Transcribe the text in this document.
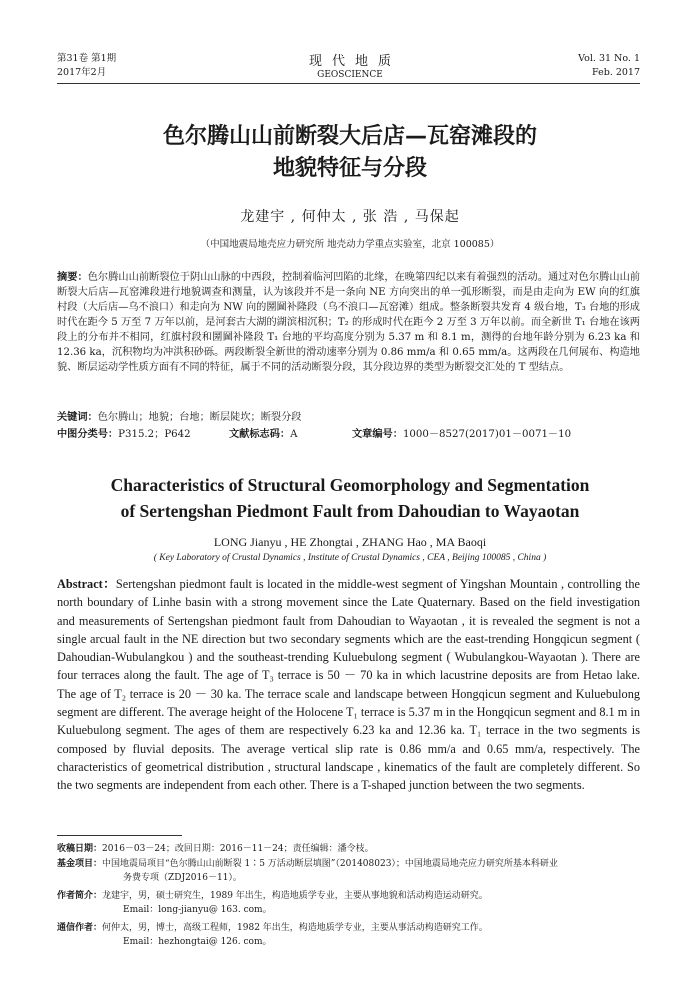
第31卷 第1期
2017年2月
现代地质
GEOSCIENCE
Vol. 31 No. 1
Feb. 2017
色尔腾山山前断裂大后店—瓦窑滩段的
地貌特征与分段
龙建宇 , 何仲太 , 张 浩 , 马保起
（中国地震局地壳应力研究所 地壳动力学重点实验室，北京 100085）
摘要：色尔腾山山前断裂位于阴山山脉的中西段，控制着临河凹陷的北缘，在晚第四纪以来有着强烈的活动。通过对色尔腾山山前断裂大后店—瓦窑滩段进行地貌调查和测量，认为该段并不是一条向 NE 方向突出的单一弧形断裂，而是由走向为 EW 向的红旗村段（大后店—乌不浪口）和走向为 NW 向的圐圙补隆段（乌不浪口—瓦窑滩）组成。整条断裂共发育 4 级台地，T₃ 台地的形成时代在距今 5 万至 7 万年以前，是河套古大湖的湖滨相沉积；T₂ 的形成时代在距今 2 万至 3 万年以前。而全新世 T₁ 台地在该两段上的分布并不相同，红旗村段和圐圙补隆段 T₁ 台地的平均高度分别为 5.37 m 和 8.1 m，测得的台地年龄分别为 6.23 ka 和 12.36 ka，沉积物均为冲洪积砂砾。两段断裂全新世的滑动速率分别为 0.86 mm/a 和 0.65 mm/a。这两段在几何展布、构造地貌、断层运动学性质方面有不同的特征，属于不同的活动断裂分段，其分段边界的类型为断裂交汇处的 T 型结点。
关键词：色尔腾山；地貌；台地；断层陡坎；断裂分段
中图分类号：P315.2；P642	文献标志码：A	文章编号：1000－8527(2017)01－0071－10
Characteristics of Structural Geomorphology and Segmentation
of Sertengshan Piedmont Fault from Dahoudian to Wayaotan
LONG Jianyu , HE Zhongtai , ZHANG Hao , MA Baoqi
( Key Laboratory of Crustal Dynamics , Institute of Crustal Dynamics , CEA , Beijing 100085 , China )
Abstract：Sertengshan piedmont fault is located in the middle-west segment of Yingshan Mountain , controlling the north boundary of Linhe basin with a strong movement since the Late Quaternary. Based on the field investigation and measurements of Sertengshan piedmont fault from Dahoudian to Wayaotan , it is revealed the segment is not a single arcual fault in the NE direction but two secondary segments which are the east-trending Hongqicun segment ( Dahoudian-Wubulangkou ) and the southeast-trending Kuluebulong segment ( Wubulangkou-Wayaotan ). There are four terraces along the fault. The age of T₃ terrace is 50 － 70 ka in which lacustrine deposits are from Hetao lake. The age of T₂ terrace is 20 － 30 ka. The terrace scale and landscape between Hongqicun segment and Kuluebulong segment are different. The average height of the Holocene T₁ terrace is 5.37 m in the Hongqicun segment and 8.1 m in Kuluebulong segment. The ages of them are respectively 6.23 ka and 12.36 ka. T₁ terrace in the two segments is composed by fluvial deposits. The average vertical slip rate is 0.86 mm/a and 0.65 mm/a, respectively. The characteristics of geometrical distribution , structural landscape , kinematics of the fault are completely different. So the two segments are independent from each other. There is a T-shaped junction between the two segments.
收稿日期：2016－03－24；改回日期：2016－11－24；责任编辑：潘令枝。
基金项目：中国地震局项目“色尔腾山山前断裂 1∶5 万活动断层填图”（201408023）；中国地震局地壳应力研究所基本科研业
务费专项（ZDJ2016－11）。
作者简介：龙建宇，男，硕士研究生，1989 年出生，构造地质学专业，主要从事地貌和活动构造运动研究。
Email：long-jianyu@ 163. com。
通信作者：何仲太，男，博士，高级工程师，1982 年出生，构造地质学专业，主要从事活动构造研究工作。
Email：hezhongtai@ 126. com。
